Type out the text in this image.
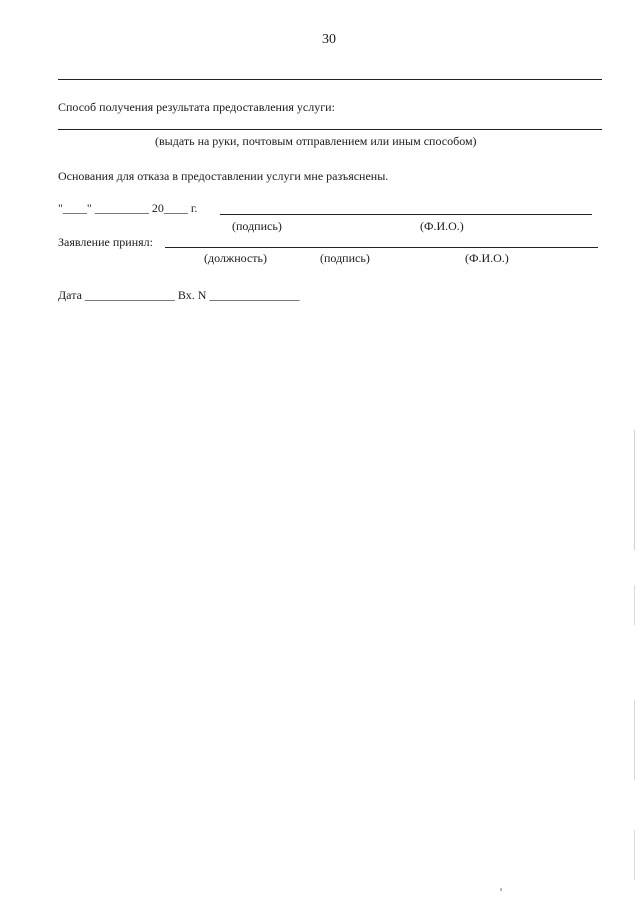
30
Способ получения результата предоставления услуги:
(выдать на руки, почтовым отправлением или иным способом)
Основания для отказа в предоставлении услуги мне разъяснены.
"____" _________ 20____ г.
(подпись)	(Ф.И.О.)
Заявление принял:
(должность)	(подпись)	(Ф.И.О.)
Дата _______________ Вх. N _______________
